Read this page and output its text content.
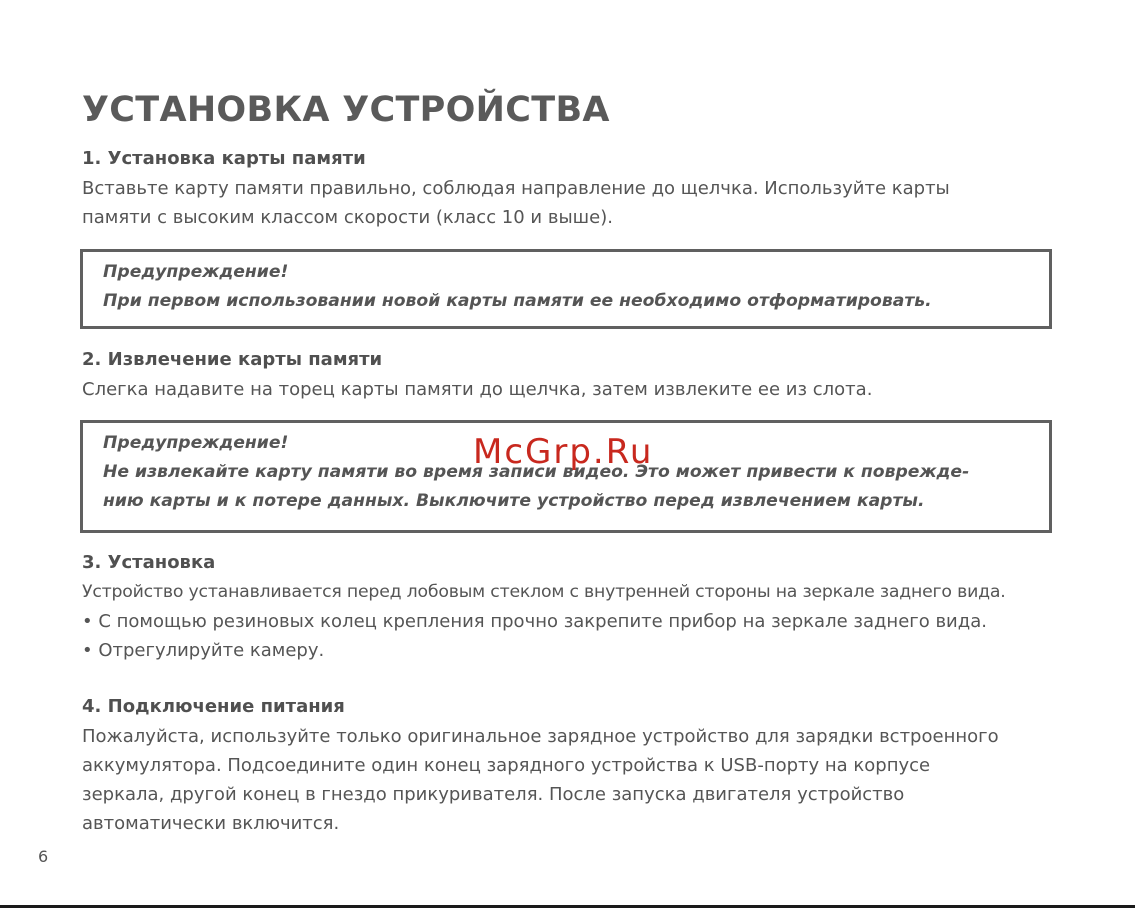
УСТАНОВКА УСТРОЙСТВА
1. Установка карты памяти

Вставьте карту памяти правильно, соблюдая направление до щелчка. Используйте карты
памяти с высоким классом скорости (класс 10 и выше).

Предупреждение!
При первом использовании новой карты памяти ее необходимо отформатировать.
2. Извлечение карты памяти

Слегка надавите на торец карты памяти до щелчка, затем извлеките ее из слота.

Предупреждение!
Не извлекайте карту памяти во время записи видео. Это может привести к поврежде-
нию карты и к потере данных. Выключите устройство перед извлечением карты.
3. Установка

Устройство устанавливается перед лобовым стеклом с внутренней стороны на зеркале заднего вида.
• С помощью резиновых колец крепления прочно закрепите прибор на зеркале заднего вида.
• Отрегулируйте камеру.

4. Подключение питания

Пожалуйста, используйте только оригинальное зарядное устройство для зарядки встроенного
аккумулятора. Подсоедините один конец зарядного устройства к USB-порту на корпусе
зеркала, другой конец в гнездо прикуривателя. После запуска двигателя устройство
автоматически включится.

McGrp.Ru
6
